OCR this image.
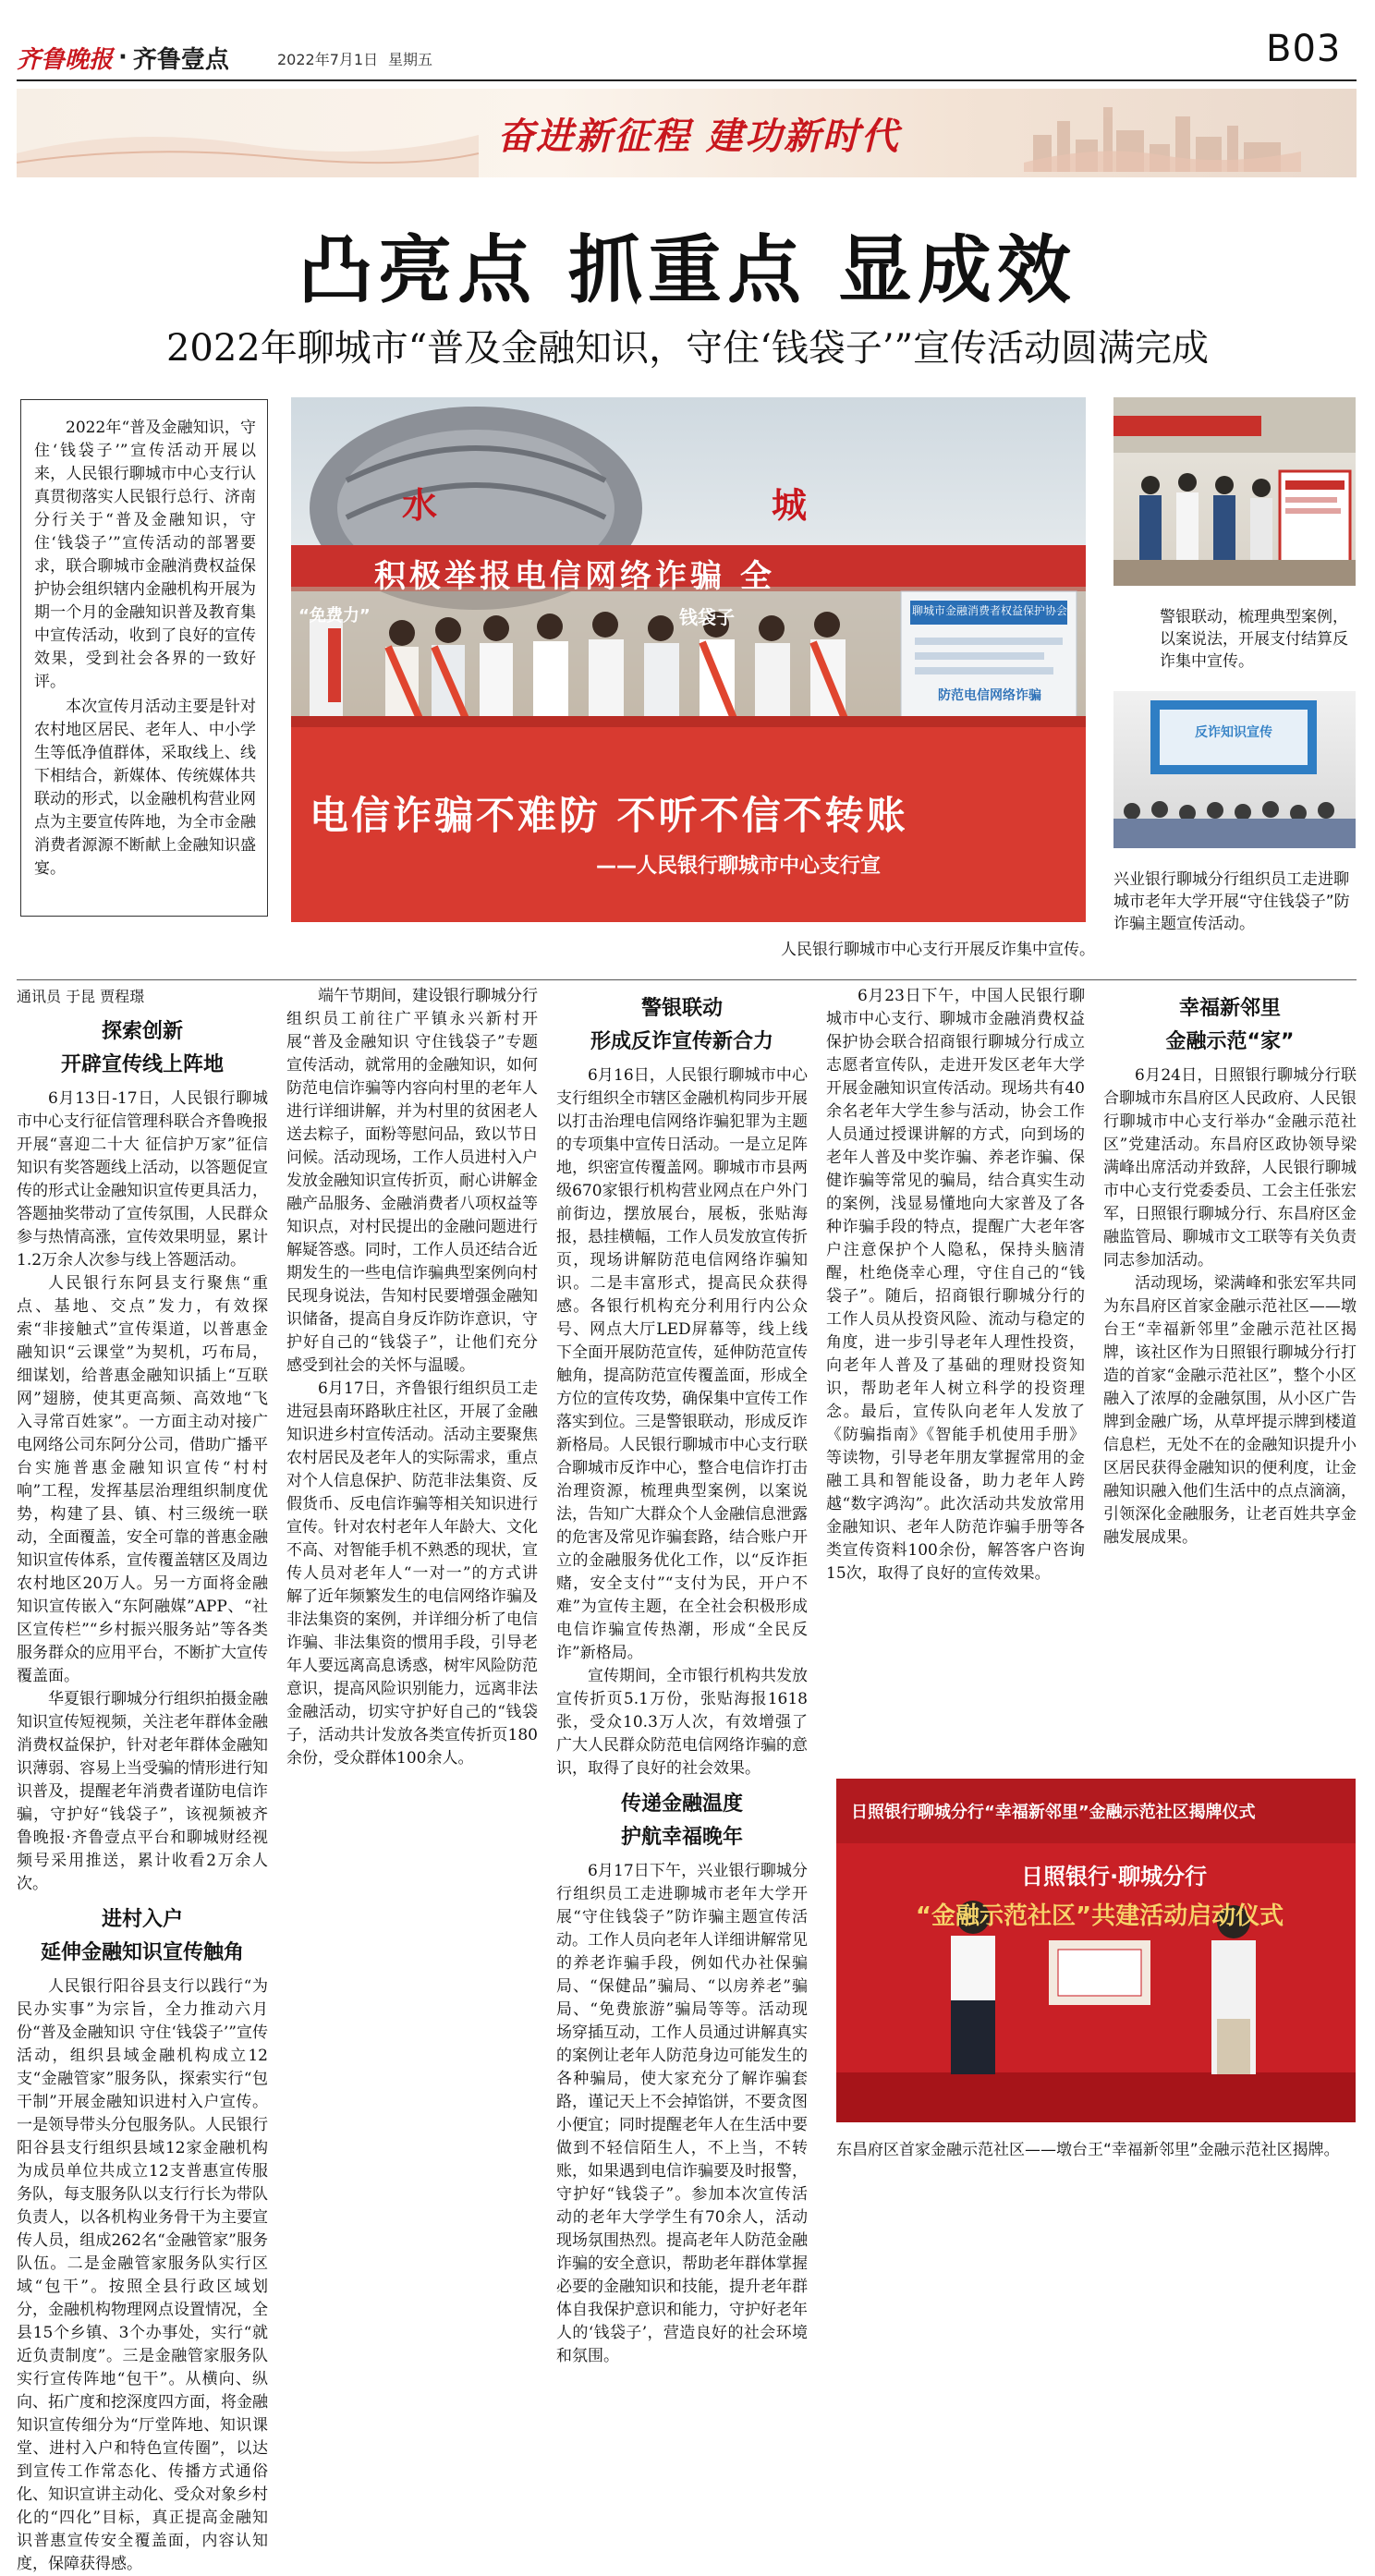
齐鲁晚报 · 齐鲁壹点	2022年7月1日 星期五	B03
奋进新征程 建功新时代
凸亮点 抓重点 显成效
2022年聊城市“普及金融知识，守住‘钱袋子’”宣传活动圆满完成

2022年“普及金融知识，守住‘钱袋子’”宣传活动开展以来，人民银行聊城市中心支行认真贯彻落实人民银行总行、济南分行关于“普及金融知识，守住‘钱袋子’”宣传活动的部署要求，联合聊城市金融消费权益保护协会组织辖内金融机构开展为期一个月的金融知识普及教育集中宣传活动，收到了良好的宣传效果，受到社会各界的一致好评。

本次宣传月活动主要是针对农村地区居民、老年人、中小学生等低净值群体，采取线上、线下相结合，新媒体、传统媒体共联动的形式，以金融机构营业网点为主要宣传阵地，为全市金融消费者源源不断献上金融知识盛宴。

水	城
积极举报电信网络诈骗 全
“免费力”	钱袋子	聊城市金融消费者权益保护协会
防范电信网络诈骗
电信诈骗不难防 不听不信不转账
——人民银行聊城市中心支行宣
人民银行聊城市中心支行开展反诈集中宣传。
警银联动，梳理典型案例，以案说法，开展支付结算反诈集中宣传。
反诈知识宣传
兴业银行聊城分行组织员工走进聊城市老年大学开展“守住钱袋子”防诈骗主题宣传活动。

通讯员 于昆 贾程璟

探索创新
开辟宣传线上阵地

6月13日-17日，人民银行聊城市中心支行征信管理科联合齐鲁晚报开展“喜迎二十大 征信护万家”征信知识有奖答题线上活动，以答题促宣传的形式让金融知识宣传更具活力，答题抽奖带动了宣传氛围，人民群众参与热情高涨，宣传效果明显，累计1.2万余人次参与线上答题活动。

人民银行东阿县支行聚焦“重点、基地、交点”发力，有效探索“非接触式”宣传渠道，以普惠金融知识“云课堂”为契机，巧布局，细谋划，给普惠金融知识插上“互联网”翅膀，使其更高频、高效地“飞入寻常百姓家”。一方面主动对接广电网络公司东阿分公司，借助广播平台实施普惠金融知识宣传“村村响”工程，发挥基层治理组织制度优势，构建了县、镇、村三级统一联动，全面覆盖，安全可靠的普惠金融知识宣传体系，宣传覆盖辖区及周边农村地区20万人。另一方面将金融知识宣传嵌入“东阿融媒”APP、“社区宣传栏”“乡村振兴服务站”等各类服务群众的应用平台，不断扩大宣传覆盖面。

华夏银行聊城分行组织拍摄金融知识宣传短视频，关注老年群体金融消费权益保护，针对老年群体金融知识薄弱、容易上当受骗的情形进行知识普及，提醒老年消费者谨防电信诈骗，守护好“钱袋子”，该视频被齐鲁晚报·齐鲁壹点平台和聊城财经视频号采用推送，累计收看2万余人次。

进村入户
延伸金融知识宣传触角

人民银行阳谷县支行以践行“为民办实事”为宗旨，全力推动六月份“普及金融知识 守住‘钱袋子’”宣传活动，组织县域金融机构成立12支“金融管家”服务队，探索实行“包干制”开展金融知识进村入户宣传。一是领导带头分包服务队。人民银行阳谷县支行组织县域12家金融机构为成员单位共成立12支普惠宣传服务队，每支服务队以支行行长为带队负责人，以各机构业务骨干为主要宣传人员，组成262名“金融管家”服务队伍。二是金融管家服务队实行区域“包干”。按照全县行政区域划分，金融机构物理网点设置情况，全县15个乡镇、3个办事处，实行“就近负责制度”。三是金融管家服务队实行宣传阵地“包干”。从横向、纵向、拓广度和挖深度四方面，将金融知识宣传细分为“厅堂阵地、知识课堂、进村入户和特色宣传圈”，以达到宣传工作常态化、传播方式通俗化、知识宣讲主动化、受众对象乡村化的“四化”目标，真正提高金融知识普惠宣传安全覆盖面，内容认知度，保障获得感。

端午节期间，建设银行聊城分行组织员工前往广平镇永兴新村开展“普及金融知识 守住钱袋子”专题宣传活动，就常用的金融知识，如何防范电信诈骗等内容向村里的老年人进行详细讲解，并为村里的贫困老人送去粽子，面粉等慰问品，致以节日问候。活动现场，工作人员进村入户发放金融知识宣传折页，耐心讲解金融产品服务、金融消费者八项权益等知识点，对村民提出的金融问题进行解疑答惑。同时，工作人员还结合近期发生的一些电信诈骗典型案例向村民现身说法，告知村民要增强金融知识储备，提高自身反诈防诈意识，守护好自己的“钱袋子”，让他们充分感受到社会的关怀与温暖。

6月17日，齐鲁银行组织员工走进冠县南环路耿庄社区，开展了金融知识进乡村宣传活动。活动主要聚焦农村居民及老年人的实际需求，重点对个人信息保护、防范非法集资、反假货币、反电信诈骗等相关知识进行宣传。针对农村老年人年龄大、文化不高、对智能手机不熟悉的现状，宣传人员对老年人“一对一”的方式讲解了近年频繁发生的电信网络诈骗及非法集资的案例，并详细分析了电信诈骗、非法集资的惯用手段，引导老年人要远离高息诱惑，树牢风险防范意识，提高风险识别能力，远离非法金融活动，切实守护好自己的“钱袋子，活动共计发放各类宣传折页180余份，受众群体100余人。

警银联动
形成反诈宣传新合力

6月16日，人民银行聊城市中心支行组织全市辖区金融机构同步开展以打击治理电信网络诈骗犯罪为主题的专项集中宣传日活动。一是立足阵地，织密宣传覆盖网。聊城市市县两级670家银行机构营业网点在户外门前街边，摆放展台，展板，张贴海报，悬挂横幅，工作人员发放宣传折页，现场讲解防范电信网络诈骗知识。二是丰富形式，提高民众获得感。各银行机构充分利用行内公众号、网点大厅LED屏幕等，线上线下全面开展防范宣传，延伸防范宣传触角，提高防范宣传覆盖面，形成全方位的宣传攻势，确保集中宣传工作落实到位。三是警银联动，形成反诈新格局。人民银行聊城市中心支行联合聊城市反诈中心，整合电信诈打击治理资源，梳理典型案例，以案说法，告知广大群众个人金融信息泄露的危害及常见诈骗套路，结合账户开立的金融服务优化工作，以“反诈拒赌，安全支付”“支付为民，开户不难”为宣传主题，在全社会积极形成电信诈骗宣传热潮，形成“全民反诈”新格局。

宣传期间，全市银行机构共发放宣传折页5.1万份，张贴海报1618张，受众10.3万人次，有效增强了广大人民群众防范电信网络诈骗的意识，取得了良好的社会效果。

传递金融温度
护航幸福晚年

6月17日下午，兴业银行聊城分行组织员工走进聊城市老年大学开展“守住钱袋子”防诈骗主题宣传活动。工作人员向老年人详细讲解常见的养老诈骗手段，例如代办社保骗局、“保健品”骗局、“以房养老”骗局、“免费旅游”骗局等等。活动现场穿插互动，工作人员通过讲解真实的案例让老年人防范身边可能发生的各种骗局，使大家充分了解诈骗套路，谨记天上不会掉馅饼，不要贪图小便宜；同时提醒老年人在生活中要做到不轻信陌生人，不上当，不转账，如果遇到电信诈骗要及时报警，守护好“钱袋子”。参加本次宣传活动的老年大学学生有70余人，活动现场氛围热烈。提高老年人防范金融诈骗的安全意识，帮助老年群体掌握必要的金融知识和技能，提升老年群体自我保护意识和能力，守护好老年人的‘钱袋子’，营造良好的社会环境和氛围。

6月23日下午，中国人民银行聊城市中心支行、聊城市金融消费权益保护协会联合招商银行聊城分行成立志愿者宣传队，走进开发区老年大学开展金融知识宣传活动。现场共有40余名老年大学生参与活动，协会工作人员通过授课讲解的方式，向到场的老年人普及中奖诈骗、养老诈骗、保健诈骗等常见的骗局，结合真实生动的案例，浅显易懂地向大家普及了各种诈骗手段的特点，提醒广大老年客户注意保护个人隐私，保持头脑清醒，杜绝侥幸心理，守住自己的“钱袋子”。随后，招商银行聊城分行的工作人员从投资风险、流动与稳定的角度，进一步引导老年人理性投资，向老年人普及了基础的理财投资知识，帮助老年人树立科学的投资理念。最后，宣传队向老年人发放了《防骗指南》《智能手机使用手册》等读物，引导老年朋友掌握常用的金融工具和智能设备，助力老年人跨越“数字鸿沟”。此次活动共发放常用金融知识、老年人防范诈骗手册等各类宣传资料100余份，解答客户咨询15次，取得了良好的宣传效果。

幸福新邻里
金融示范“家”

6月24日，日照银行聊城分行联合聊城市东昌府区人民政府、人民银行聊城市中心支行举办“金融示范社区”党建活动。东昌府区政协领导梁满峰出席活动并致辞，人民银行聊城市中心支行党委委员、工会主任张宏军，日照银行聊城分行、东昌府区金融监管局、聊城市文工联等有关负责同志参加活动。

活动现场，梁满峰和张宏军共同为东昌府区首家金融示范社区——墩台王“幸福新邻里”金融示范社区揭牌，该社区作为日照银行聊城分行打造的首家“金融示范社区”，整个小区融入了浓厚的金融氛围，从小区广告牌到金融广场，从草坪提示牌到楼道信息栏，无处不在的金融知识提升小区居民获得金融知识的便利度，让金融知识融入他们生活中的点点滴滴，引领深化金融服务，让老百姓共享金融发展成果。

日照银行聊城分行“幸福新邻里”金融示范社区揭牌仪式
日照银行·聊城分行
“金融示范社区”共建活动启动仪式
东昌府区首家金融示范社区——墩台王“幸福新邻里”金融示范社区揭牌。
